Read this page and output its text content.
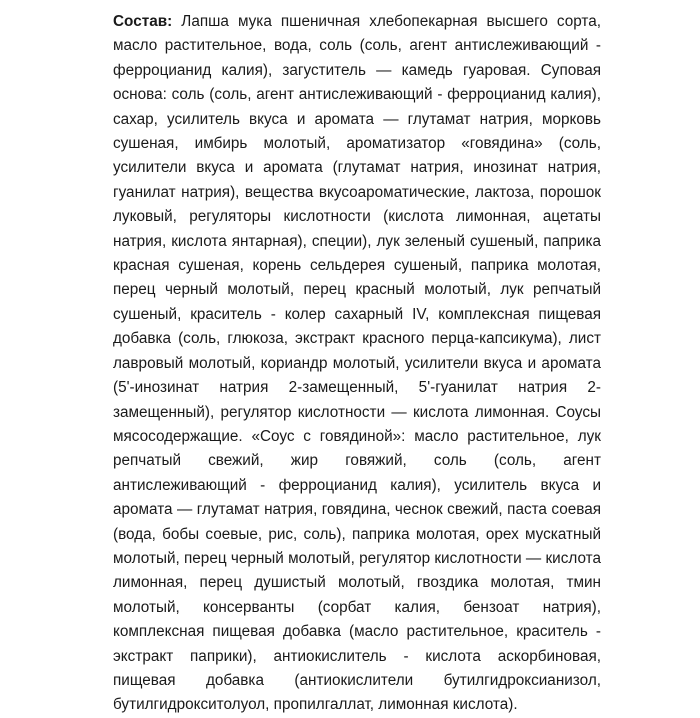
Состав: Лапша мука пшеничная хлебопекарная высшего сорта, масло растительное, вода, соль (соль, агент антислеживающий - ферроцианид калия), загуститель — камедь гуаровая. Суповая основа: соль (соль, агент антислеживающий - ферроцианид калия), сахар, усилитель вкуса и аромата — глутамат натрия, морковь сушеная, имбирь молотый, ароматизатор «говядина» (соль, усилители вкуса и аромата (глутамат натрия, инозинат натрия, гуанилат натрия), вещества вкусоароматические, лактоза, порошок луковый, регуляторы кислотности (кислота лимонная, ацетаты натрия, кислота янтарная), специи), лук зеленый сушеный, паприка красная сушеная, корень сельдерея сушеный, паприка молотая, перец черный молотый, перец красный молотый, лук репчатый сушеный, краситель - колер сахарный IV, комплексная пищевая добавка (соль, глюкоза, экстракт красного перца-капсикума), лист лавровый молотый, кориандр молотый, усилители вкуса и аромата (5'-инозинат натрия 2-замещенный, 5'-гуанилат натрия 2-замещенный), регулятор кислотности — кислота лимонная. Соусы мясосодержащие. «Соус с говядиной»: масло растительное, лук репчатый свежий, жир говяжий, соль (соль, агент антислеживающий - ферроцианид калия), усилитель вкуса и аромата — глутамат натрия, говядина, чеснок свежий, паста соевая (вода, бобы соевые, рис, соль), паприка молотая, орех мускатный молотый, перец черный молотый, регулятор кислотности — кислота лимонная, перец душистый молотый, гвоздика молотая, тмин молотый, консерванты (сорбат калия, бензоат натрия), комплексная пищевая добавка (масло растительное, краситель - экстракт паприки), антиокислитель - кислота аскорбиновая, пищевая добавка (антиокислители бутилгидроксианизол, бутилгидрокситолуол, пропилгаллат, лимонная кислота).
